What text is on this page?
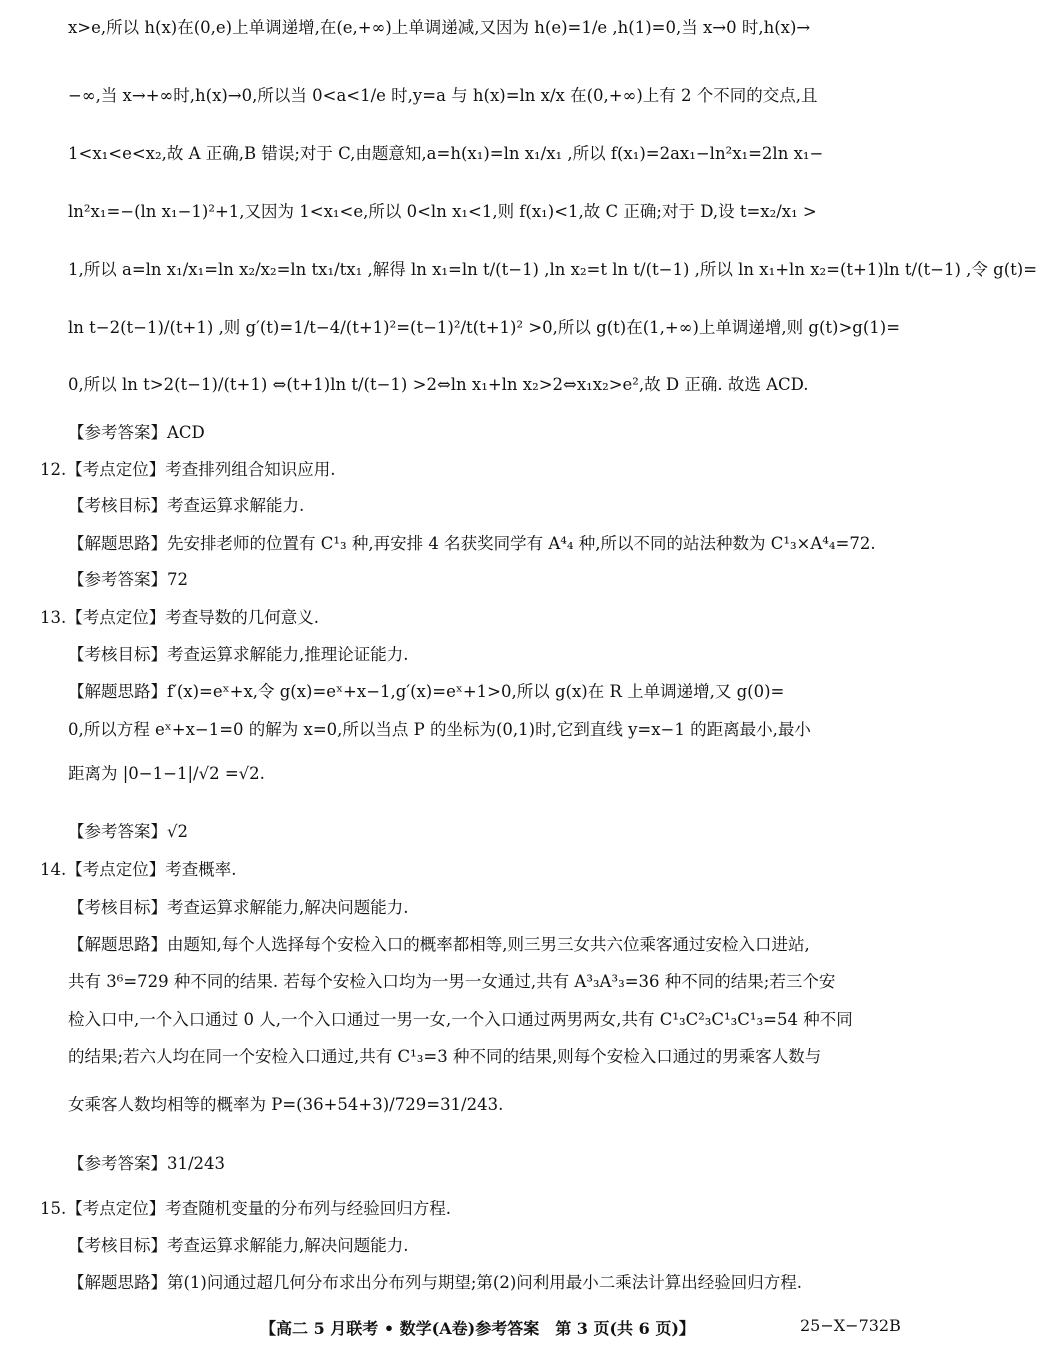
x>e,所以 h(x)在(0,e)上单调递增,在(e,+∞)上单调递减,又因为 h(e)=1/e ,h(1)=0,当 x→0 时,h(x)→
−∞,当 x→+∞时,h(x)→0,所以当 0<a<1/e 时,y=a 与 h(x)=ln x/x 在(0,+∞)上有 2 个不同的交点,且
1<x₁<e<x₂,故 A 正确,B 错误;对于 C,由题意知,a=h(x₁)=ln x₁/x₁ ,所以 f(x₁)=2ax₁−ln²x₁=2ln x₁−
ln²x₁=−(ln x₁−1)²+1,又因为 1<x₁<e,所以 0<ln x₁<1,则 f(x₁)<1,故 C 正确;对于 D,设 t=x₂/x₁ >
1,所以 a=ln x₁/x₁=ln x₂/x₂=ln tx₁/tx₁ ,解得 ln x₁=ln t/(t−1) ,ln x₂=t ln t/(t−1) ,所以 ln x₁+ln x₂=(t+1)ln t/(t−1) ,令 g(t)=
ln t−2(t−1)/(t+1) ,则 g′(t)=1/t−4/(t+1)²=(t−1)²/t(t+1)² >0,所以 g(t)在(1,+∞)上单调递增,则 g(t)>g(1)=
0,所以 ln t>2(t−1)/(t+1) ⇔(t+1)ln t/(t−1) >2⇔ln x₁+ln x₂>2⇔x₁x₂>e²,故 D 正确. 故选 ACD.
【参考答案】ACD
12.【考点定位】考查排列组合知识应用.
【考核目标】考查运算求解能力.
【解题思路】先安排老师的位置有 C¹₃ 种,再安排 4 名获奖同学有 A⁴₄ 种,所以不同的站法种数为 C¹₃×A⁴₄=72.
【参考答案】72
13.【考点定位】考查导数的几何意义.
【考核目标】考查运算求解能力,推理论证能力.
【解题思路】f′(x)=eˣ+x,令 g(x)=eˣ+x−1,g′(x)=eˣ+1>0,所以 g(x)在 R 上单调递增,又 g(0)=
0,所以方程 eˣ+x−1=0 的解为 x=0,所以当点 P 的坐标为(0,1)时,它到直线 y=x−1 的距离最小,最小
距离为 |0−1−1|/√2 =√2.
【参考答案】√2
14.【考点定位】考查概率.
【考核目标】考查运算求解能力,解决问题能力.
【解题思路】由题知,每个人选择每个安检入口的概率都相等,则三男三女共六位乘客通过安检入口进站,
共有 3⁶=729 种不同的结果. 若每个安检入口均为一男一女通过,共有 A³₃A³₃=36 种不同的结果;若三个安
检入口中,一个入口通过 0 人,一个入口通过一男一女,一个入口通过两男两女,共有 C¹₃C²₃C¹₃C¹₃=54 种不同
的结果;若六人均在同一个安检入口通过,共有 C¹₃=3 种不同的结果,则每个安检入口通过的男乘客人数与
女乘客人数均相等的概率为 P=(36+54+3)/729=31/243.
【参考答案】31/243
15.【考点定位】考查随机变量的分布列与经验回归方程.
【考核目标】考查运算求解能力,解决问题能力.
【解题思路】第(1)问通过超几何分布求出分布列与期望;第(2)问利用最小二乘法计算出经验回归方程.
【高二 5 月联考 • 数学(A卷)参考答案　第 3 页(共 6 页)】	25−X−732B
